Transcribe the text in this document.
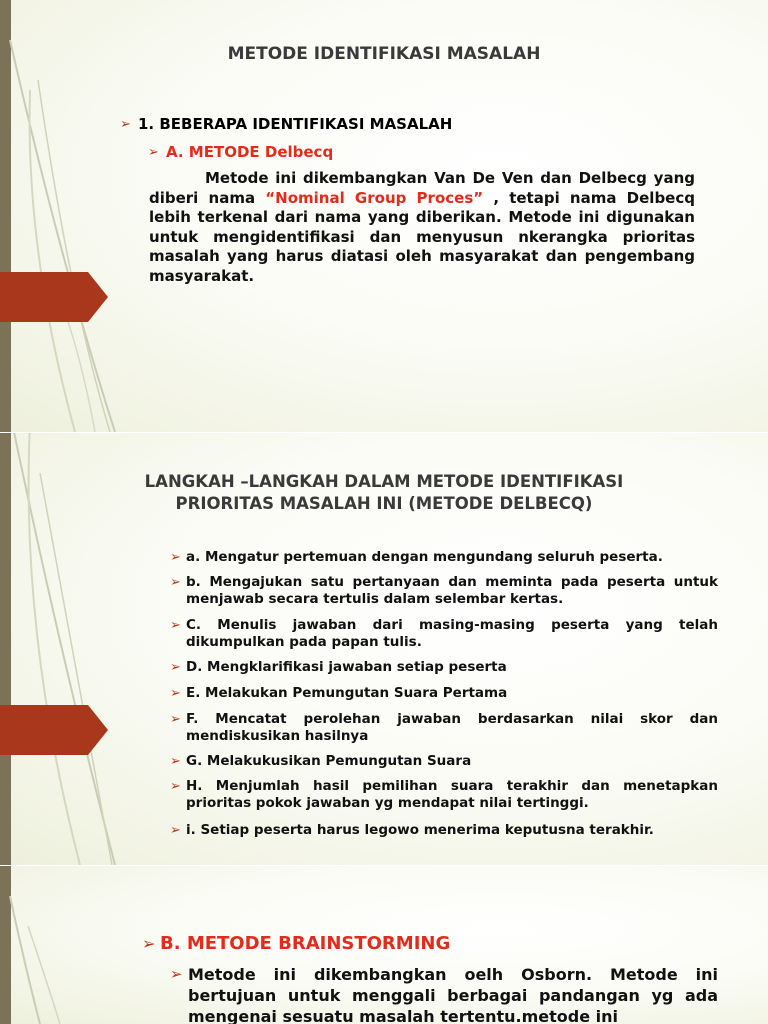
METODE IDENTIFIKASI MASALAH
➢ 1. BEBERAPA IDENTIFIKASI MASALAH
➢ A. METODE Delbecq
Metode ini dikembangkan Van De Ven dan Delbecg yang diberi nama “Nominal Group Proces” , tetapi nama Delbecq lebih terkenal dari nama yang diberikan. Metode ini digunakan untuk mengidentifikasi dan menyusun nkerangka prioritas masalah yang harus diatasi oleh masyarakat dan pengembang masyarakat.
LANGKAH –LANGKAH DALAM METODE IDENTIFIKASI
PRIORITAS MASALAH INI (METODE DELBECQ)
➢ a. Mengatur pertemuan dengan mengundang seluruh peserta.
➢ b. Mengajukan satu pertanyaan dan meminta pada peserta untuk menjawab secara tertulis dalam selembar kertas.
➢ C. Menulis jawaban dari masing-masing peserta yang telah dikumpulkan pada papan tulis.
➢ D. Mengklarifikasi jawaban setiap peserta
➢ E. Melakukan Pemungutan Suara Pertama
➢ F. Mencatat perolehan jawaban berdasarkan nilai skor dan mendiskusikan hasilnya
➢ G. Melakukusikan Pemungutan Suara
➢ H. Menjumlah hasil pemilihan suara terakhir dan menetapkan prioritas pokok jawaban yg mendapat nilai tertinggi.
➢ i. Setiap peserta harus legowo menerima keputusna terakhir.
➢ B. METODE BRAINSTORMING
➢ Metode ini dikembangkan oelh Osborn. Metode ini bertujuan untuk menggali berbagai pandangan yg ada mengenai sesuatu masalah tertentu.metode ini
